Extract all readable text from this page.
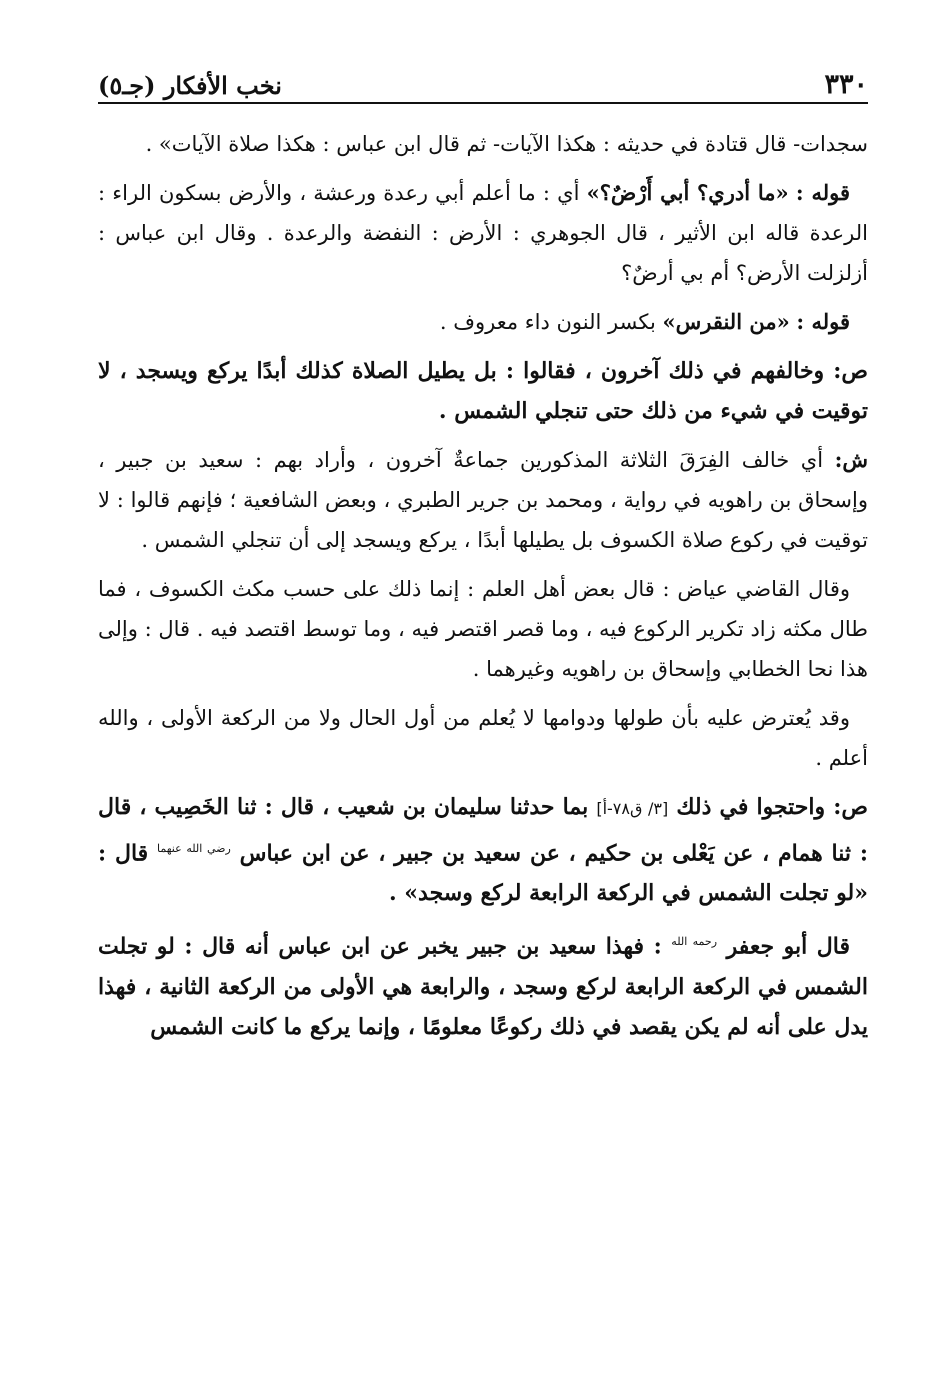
٣٣٠
نخب الأفكار (جـ٥)

سجدات- قال قتادة في حديثه : هكذا الآيات- ثم قال ابن عباس : هكذا صلاة الآيات» .

قوله : «ما أدري؟ أبي أَرْضٌ؟» أي : ما أعلم أبي رعدة ورعشة ، والأرض بسكون الراء : الرعدة قاله ابن الأثير ، قال الجوهري : الأرض : النفضة والرعدة . وقال ابن عباس : أزلزلت الأرض؟ أم بي أرضٌ؟

قوله : «من النقرس» بكسر النون داء معروف .

ص: وخالفهم في ذلك آخرون ، فقالوا : بل يطيل الصلاة كذلك أبدًا يركع ويسجد ، لا توقيت في شيء من ذلك حتى تنجلي الشمس .

ش: أي خالف الفِرَقَ الثلاثة المذكورين جماعةٌ آخرون ، وأراد بهم : سعيد بن جبير ، وإسحاق بن راهويه في رواية ، ومحمد بن جرير الطبري ، وبعض الشافعية ؛ فإنهم قالوا : لا توقيت في ركوع صلاة الكسوف بل يطيلها أبدًا ، يركع ويسجد إلى أن تنجلي الشمس .

وقال القاضي عياض : قال بعض أهل العلم : إنما ذلك على حسب مكث الكسوف ، فما طال مكثه زاد تكرير الركوع فيه ، وما قصر اقتصر فيه ، وما توسط اقتصد فيه . قال : وإلى هذا نحا الخطابي وإسحاق بن راهويه وغيرهما .

وقد يُعترض عليه بأن طولها ودوامها لا يُعلم من أول الحال ولا من الركعة الأولى ، والله أعلم .

ص: واحتجوا في ذلك [٣/ ق٧٨-أ] بما حدثنا سليمان بن شعيب ، قال : ثنا الخَصِيب ، قال : ثنا همام ، عن يَعْلى بن حكيم ، عن سعيد بن جبير ، عن ابن عباس $^{رضي الله عنهما}$ قال : «لو تجلت الشمس في الركعة الرابعة لركع وسجد» .

قال أبو جعفر $^{رحمه الله}$ : فهذا سعيد بن جبير يخبر عن ابن عباس أنه قال : لو تجلت الشمس في الركعة الرابعة لركع وسجد ، والرابعة هي الأولى من الركعة الثانية ، فهذا يدل على أنه لم يكن يقصد في ذلك ركوعًا معلومًا ، وإنما يركع ما كانت الشمس
